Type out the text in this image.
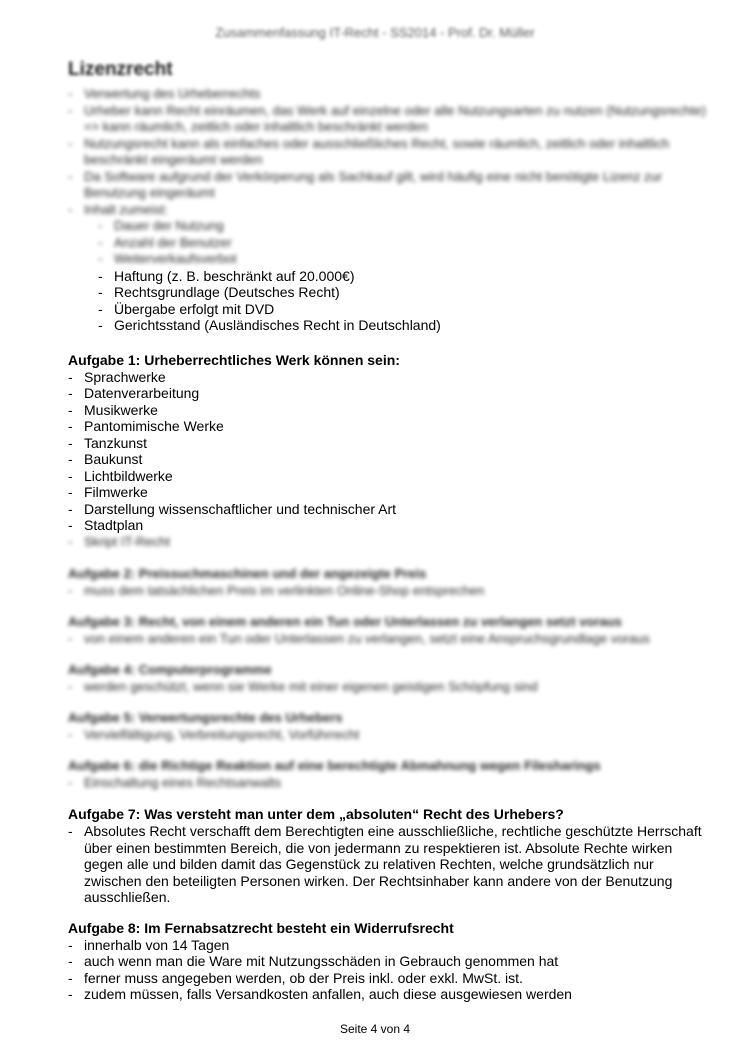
Zusammenfassung IT-Recht - SS2014 - Prof. Dr. Müller
Lizenzrecht
- Verwertung des Urheberrechts
- Urheber kann Recht einräumen, das Werk auf einzelne oder alle Nutzungsarten zu nutzen (Nutzungsrechte) => kann räumlich, zeitlich oder inhaltlich beschränkt werden
- Nutzungsrecht kann als einfaches oder ausschließliches Recht, sowie räumlich, zeitlich oder inhaltlich beschränkt eingeräumt werden
- Da Software aufgrund der Verkörperung als Sachkauf gilt, wird häufig eine nicht benötigte Lizenz zur Benutzung eingeräumt
- Inhalt zumeist:
- Dauer der Nutzung
- Anzahl der Benutzer
- Weiterverkaufsverbot
- Haftung (z. B. beschränkt auf 20.000€)
- Rechtsgrundlage (Deutsches Recht)
- Übergabe erfolgt mit DVD
- Gerichtsstand (Ausländisches Recht in Deutschland)
Aufgabe 1: Urheberrechtliches Werk können sein:
- Sprachwerke
- Datenverarbeitung
- Musikwerke
- Pantomimische Werke
- Tanzkunst
- Baukunst
- Lichtbildwerke
- Filmwerke
- Darstellung wissenschaftlicher und technischer Art
- Stadtplan
- Skript IT-Recht
Aufgabe 2: Preissuchmaschinen und der angezeigte Preis
- muss dem tatsächlichen Preis im verlinkten Online-Shop entsprechen
Aufgabe 3: Recht, von einem anderen ein Tun oder Unterlassen zu verlangen setzt voraus
- von einem anderen ein Tun oder Unterlassen zu verlangen, setzt eine Anspruchsgrundlage voraus
Aufgabe 4: Computerprogramme
- werden geschützt, wenn sie Werke mit einer eigenen geistigen Schöpfung sind
Aufgabe 5: Verwertungsrechte des Urhebers
- Vervielfältigung, Verbreitungsrecht, Vorführrecht
Aufgabe 6: die Richtige Reaktion auf eine berechtigte Abmahnung wegen Filesharings
- Einschaltung eines Rechtsanwalts
Aufgabe 7: Was versteht man unter dem „absoluten“ Recht des Urhebers?
- Absolutes Recht verschafft dem Berechtigten eine ausschließliche, rechtliche geschützte Herrschaft über einen bestimmten Bereich, die von jedermann zu respektieren ist. Absolute Rechte wirken gegen alle und bilden damit das Gegenstück zu relativen Rechten, welche grundsätzlich nur zwischen den beteiligten Personen wirken. Der Rechtsinhaber kann andere von der Benutzung ausschließen.
Aufgabe 8: Im Fernabsatzrecht besteht ein Widerrufsrecht
- innerhalb von 14 Tagen
- auch wenn man die Ware mit Nutzungsschäden in Gebrauch genommen hat
- ferner muss angegeben werden, ob der Preis inkl. oder exkl. MwSt. ist.
- zudem müssen, falls Versandkosten anfallen, auch diese ausgewiesen werden
Seite 4 von 4
